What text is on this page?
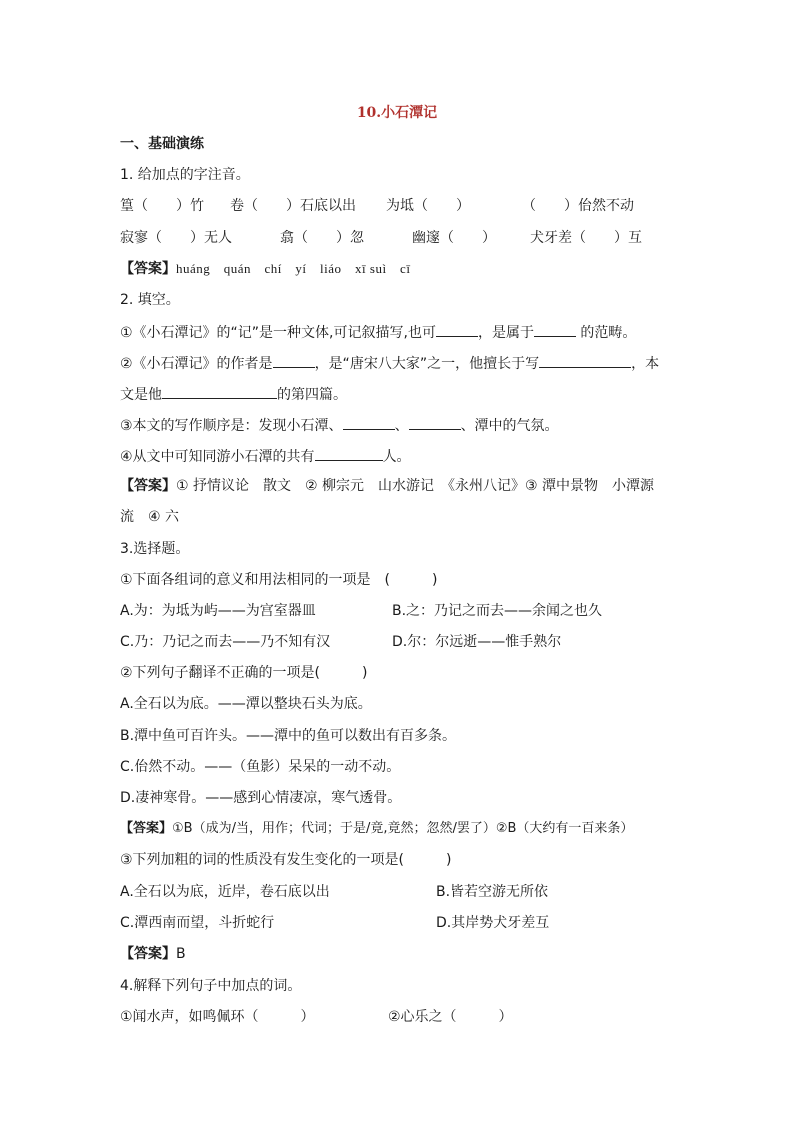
10.小石潭记
一、基础演练
1. 给加点的字注音。
篁（　　）竹 卷（　　）石底以出 为坻（　　）	（　　）佁然不动
寂寥（　　）无人	翕（　　）忽	幽邃（　　） 犬牙差（　　）互
【答案】huáng　quán　chí　yí　liáo　xī suì　cī
2. 填空。
①《小石潭记》的“记”是一种文体,可记叙描写,也可	，是属于	的范畴。
②《小石潭记》的作者是	，是“唐宋八大家”之一，他擅长于写	，本
文是他	的第四篇。
③本文的写作顺序是：发现小石潭、	、	、潭中的气氛。
④从文中可知同游小石潭的共有	人。
【答案】① 抒情议论　散文　② 柳宗元　山水游记　《永州八记》③ 潭中景物　小潭源
流　④ 六
3.选择题。
①下面各组词的意义和用法相同的一项是　(　　　)
A.为：为坻为屿——为宫室器皿	B.之：乃记之而去——余闻之也久
C.乃：乃记之而去——乃不知有汉	D.尔：尔远逝——惟手熟尔
②下列句子翻译不正确的一项是(　　　)
A.全石以为底。——潭以整块石头为底。
B.潭中鱼可百许头。——潭中的鱼可以数出有百多条。
C.佁然不动。——（鱼影）呆呆的一动不动。
D.凄神寒骨。——感到心情凄凉，寒气透骨。
【答案】①B（成为/当，用作；代词；于是/竟,竟然；忽然/罢了）②B（大约有一百来条）
③下列加粗的词的性质没有发生变化的一项是(　　　)
A.全石以为底，近岸，卷石底以出	B.皆若空游无所依
C.潭西南而望，斗折蛇行	D.其岸势犬牙差互
【答案】B
4.解释下列句子中加点的词。
①闻水声，如鸣佩环（　　　）	②心乐之（　　　）
